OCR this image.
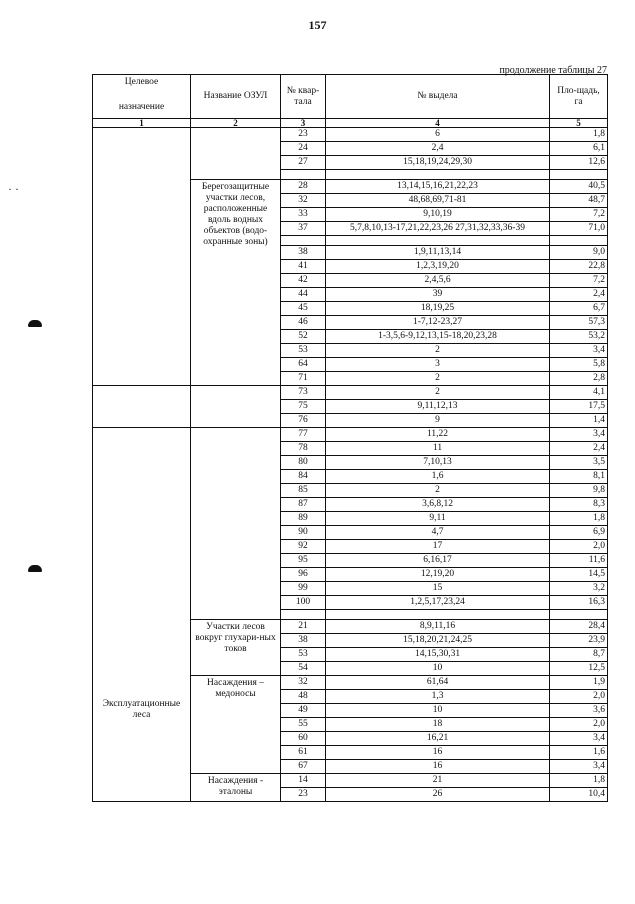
157
продолжение таблицы 27
· ·
Целевое
назначение	Название ОЗУЛ	№ квар-тала	№ выдела	Пло-щадь, га
1	2	3	4	5
		23	6	1,8
		24	2,4	6,1
		27	15,18,19,24,29,30	12,6

	Берегозащитные участки лесов, расположенные вдоль водных объектов (водо-охранные зоны)	28	13,14,15,16,21,22,23	40,5
		32	48,68,69,71-81	48,7
		33	9,10,19	7,2
		37	5,7,8,10,13-17,21,22,23,26 27,31,32,33,36-39	71,0

		38	1,9,11,13,14	9,0
		41	1,2,3,19,20	22,8
		42	2,4,5,6	7,2
		44	39	2,4
		45	18,19,25	6,7
		46	1-7,12-23,27	57,3
		52	1-3,5,6-9,12,13,15-18,20,23,28	53,2
		53	2	3,4
		64	3	5,8
		71	2	2,8
		73	2	4,1
		75	9,11,12,13	17,5
		76	9	1,4
Эксплуатационные леса		77	11,22	3,4
		78	11	2,4
		80	7,10,13	3,5
		84	1,6	8,1
		85	2	9,8
		87	3,6,8,12	8,3
		89	9,11	1,8
		90	4,7	6,9
		92	17	2,0
		95	6,16,17	11,6
		96	12,19,20	14,5
		99	15	3,2
		100	1,2,5,17,23,24	16,3

	Участки лесов вокруг глухари-ных токов	21	8,9,11,16	28,4
		38	15,18,20,21,24,25	23,9
		53	14,15,30,31	8,7
		54	10	12,5
	Насаждения – медоносы	32	61,64	1,9
		48	1,3	2,0
		49	10	3,6
		55	18	2,0
		60	16,21	3,4
		61	16	1,6
		67	16	3,4
	Насаждения - эталоны	14	21	1,8
		23	26	10,4
